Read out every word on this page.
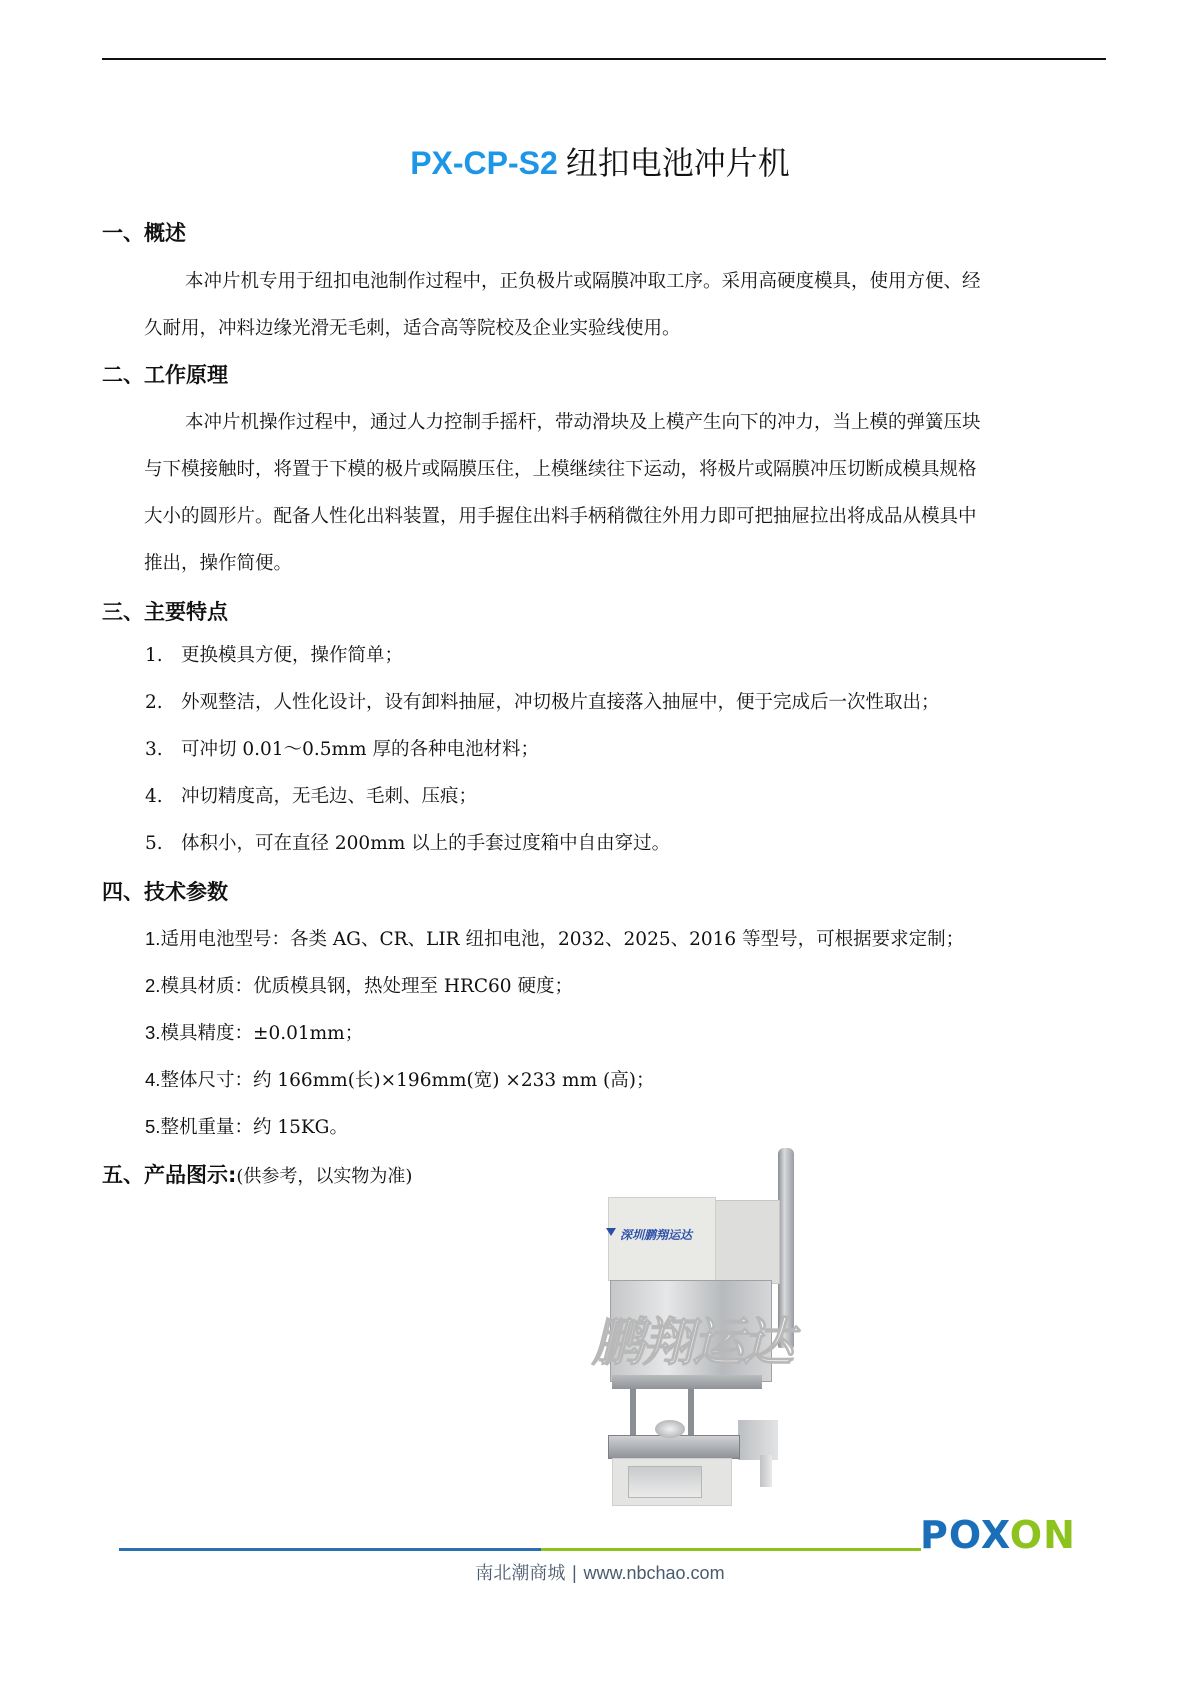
PX-CP-S2 纽扣电池冲片机
一、概述
本冲片机专用于纽扣电池制作过程中，正负极片或隔膜冲取工序。采用高硬度模具，使用方便、经
久耐用，冲料边缘光滑无毛刺，适合高等院校及企业实验线使用。
二、工作原理
本冲片机操作过程中，通过人力控制手摇杆，带动滑块及上模产生向下的冲力，当上模的弹簧压块
与下模接触时，将置于下模的极片或隔膜压住，上模继续往下运动，将极片或隔膜冲压切断成模具规格
大小的圆形片。配备人性化出料装置，用手握住出料手柄稍微往外用力即可把抽屉拉出将成品从模具中
推出，操作简便。
三、主要特点
1. 更换模具方便，操作简单；
2. 外观整洁，人性化设计，设有卸料抽屉，冲切极片直接落入抽屉中，便于完成后一次性取出；
3. 可冲切 0.01～0.5mm 厚的各种电池材料；
4. 冲切精度高，无毛边、毛刺、压痕；
5. 体积小，可在直径 200mm 以上的手套过度箱中自由穿过。
四、技术参数
1.适用电池型号：各类 AG、CR、LIR 纽扣电池，2032、2025、2016 等型号，可根据要求定制；
2.模具材质：优质模具钢，热处理至 HRC60 硬度；
3.模具精度：±0.01mm；
4.整体尺寸：约 166mm(长)×196mm(宽) ×233 mm (高)；
5.整机重量：约 15KG。
五、产品图示:(供参考，以实物为准)
深圳鹏翔运达
鹏翔运达
POXON
南北潮商城 | www.nbchao.com
